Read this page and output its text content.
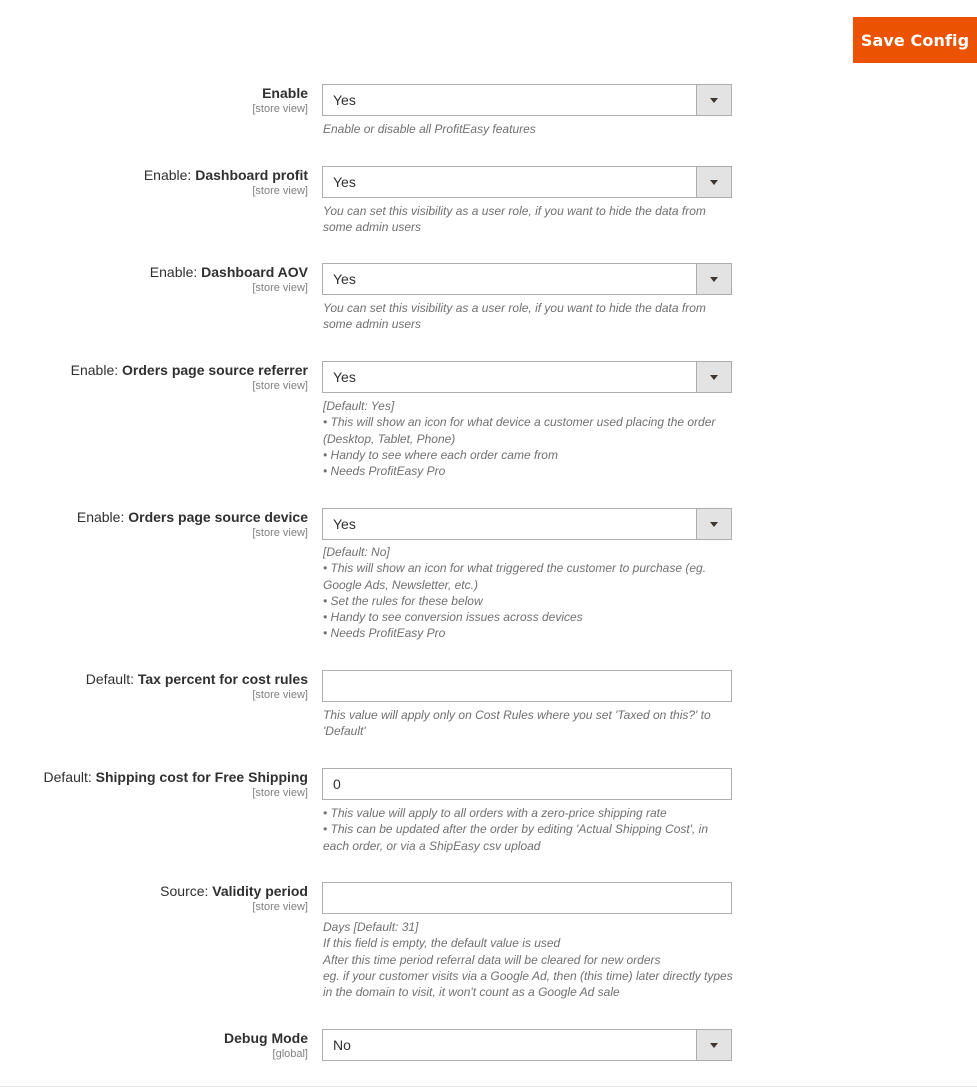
Save Config
Enable
[store view]
Yes
Enable or disable all ProfitEasy features
Enable: Dashboard profit
[store view]
Yes
You can set this visibility as a user role, if you want to hide the data from some admin users
Enable: Dashboard AOV
[store view]
Yes
You can set this visibility as a user role, if you want to hide the data from some admin users
Enable: Orders page source referrer
[store view]
Yes
[Default: Yes]
• This will show an icon for what device a customer used placing the order (Desktop, Tablet, Phone)
• Handy to see where each order came from
• Needs ProfitEasy Pro
Enable: Orders page source device
[store view]
Yes
[Default: No]
• This will show an icon for what triggered the customer to purchase (eg. Google Ads, Newsletter, etc.)
• Set the rules for these below
• Handy to see conversion issues across devices
• Needs ProfitEasy Pro
Default: Tax percent for cost rules
[store view]
This value will apply only on Cost Rules where you set 'Taxed on this?' to 'Default'
Default: Shipping cost for Free Shipping
[store view]
0
• This value will apply to all orders with a zero-price shipping rate
• This can be updated after the order by editing 'Actual Shipping Cost', in each order, or via a ShipEasy csv upload
Source: Validity period
[store view]
Days [Default: 31]
If this field is empty, the default value is used
After this time period referral data will be cleared for new orders
eg. if your customer visits via a Google Ad, then (this time) later directly types in the domain to visit, it won't count as a Google Ad sale
Debug Mode
[global]
No
